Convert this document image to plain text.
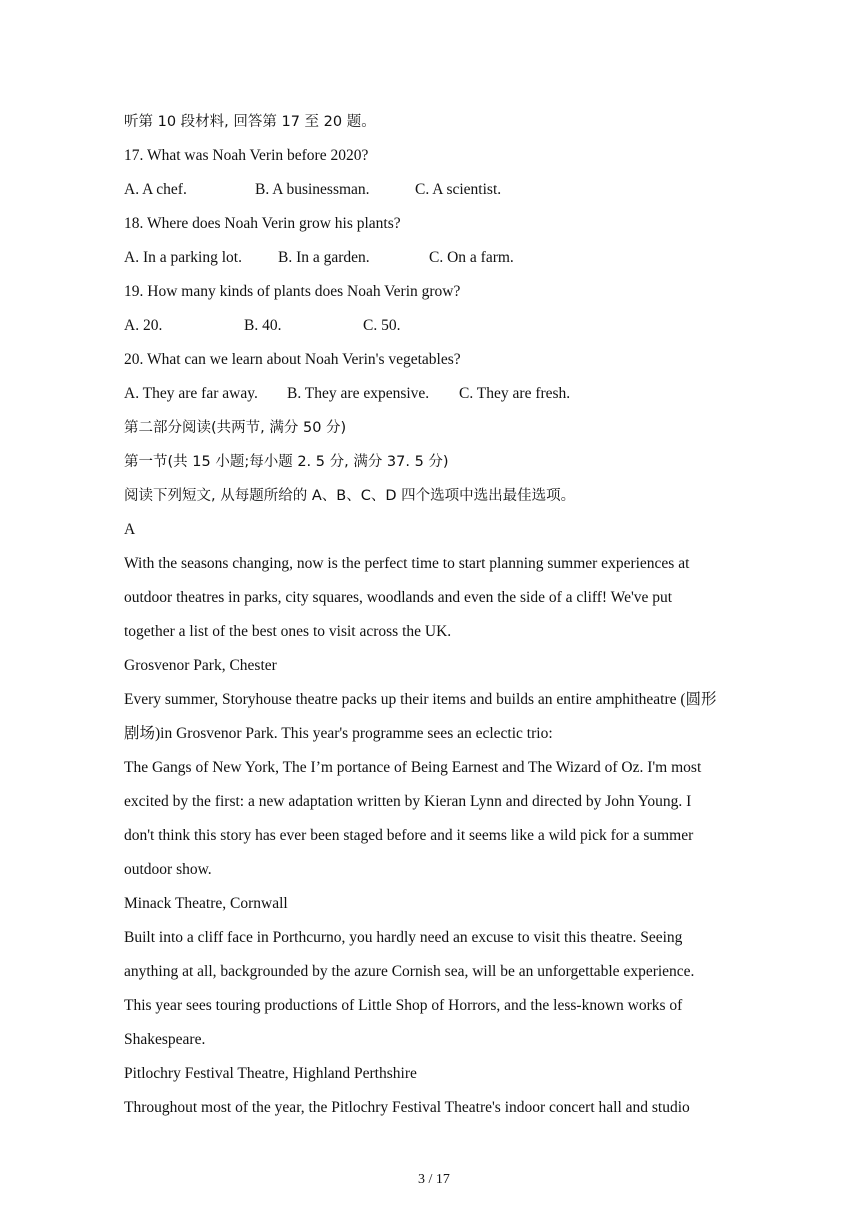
听第 10 段材料, 回答第 17 至 20 题。
17. What was Noah Verin before 2020?
A. A chef.	B. A businessman.	C. A scientist.
18. Where does Noah Verin grow his plants?
A. In a parking lot. B. In a garden.	C. On a farm.
19. How many kinds of plants does Noah Verin grow?
A. 20.	B. 40.	C. 50.
20. What can we learn about Noah Verin's vegetables?
A. They are far away. B. They are expensive. C. They are fresh.
第二部分阅读(共两节, 满分 50 分)
第一节(共 15 小题;每小题 2. 5 分, 满分 37. 5 分)
阅读下列短文, 从每题所给的 A、B、C、D 四个选项中选出最佳选项。
A
With the seasons changing, now is the perfect time to start planning summer experiences at
outdoor theatres in parks, city squares, woodlands and even the side of a cliff! We've put
together a list of the best ones to visit across the UK.
Grosvenor Park, Chester
Every summer, Storyhouse theatre packs up their items and builds an entire amphitheatre (圆形
剧场)in Grosvenor Park. This year's programme sees an eclectic trio:
The Gangs of New York, The I’m portance of Being Earnest and The Wizard of Oz. I'm most
excited by the first: a new adaptation written by Kieran Lynn and directed by John Young. I
don't think this story has ever been staged before and it seems like a wild pick for a summer
outdoor show.
Minack Theatre, Cornwall
Built into a cliff face in Porthcurno, you hardly need an excuse to visit this theatre. Seeing
anything at all, backgrounded by the azure Cornish sea, will be an unforgettable experience.
This year sees touring productions of Little Shop of Horrors, and the less-known works of
Shakespeare.
Pitlochry Festival Theatre, Highland Perthshire
Throughout most of the year, the Pitlochry Festival Theatre's indoor concert hall and studio
3 / 17
